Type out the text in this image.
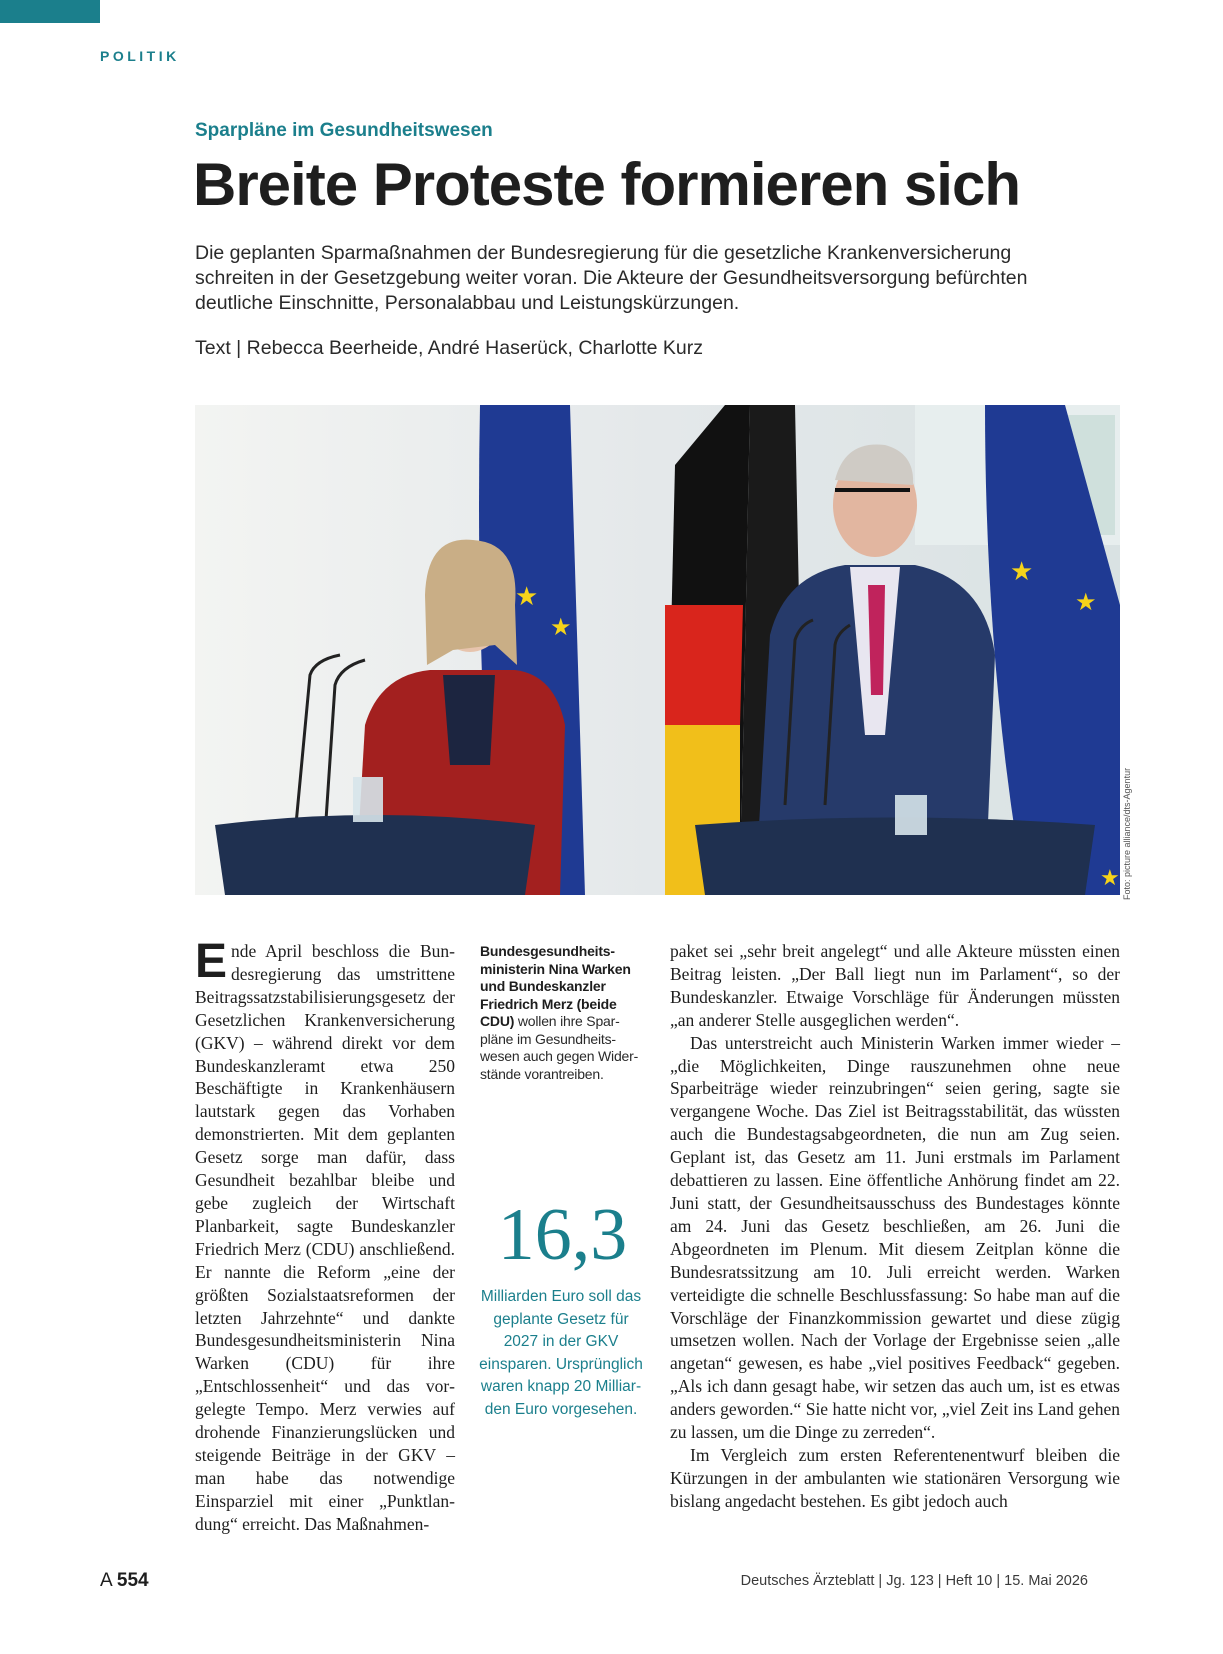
POLITIK
Sparpläne im Gesundheitswesen
Breite Proteste formieren sich

Die geplanten Sparmaßnahmen der Bundesregierung für die gesetzliche Krankenversicherung schreiten in der Gesetzgebung weiter voran. Die Akteure der Gesundheitsversorgung befürchten deutliche Einschnitte, Personalabbau und Leistungskürzungen.

Text | Rebecca Beerheide, André Haserück, Charlotte Kurz
★
★
★
★
★ Foto: picture alliance/dts-Agentur

Ende April beschloss die Bundesregierung das umstrittene Beitragssatzstabilisierungsgesetz der Gesetzlichen Krankenversicherung (GKV) – während direkt vor dem Bundeskanzleramt etwa 250 Beschäftigte in Krankenhäusern lautstark gegen das Vorhaben demonstrierten. Mit dem geplanten Gesetz sorge man dafür, dass Gesundheit bezahlbar bleibe und gebe zugleich der Wirtschaft Planbarkeit, sagte Bundeskanzler Friedrich Merz (CDU) anschließend. Er nannte die Reform „eine der größten Sozialstaatsreformen der letzten Jahrzehnte“ und dankte Bundesgesundheitsministerin Nina Warken (CDU) für ihre „Entschlossenheit“ und das vorgelegte Tempo. Merz verwies auf drohende Finanzierungslücken und steigende Beiträge in der GKV – man habe das notwendige Einsparziel mit einer „Punktlandung“ erreicht. Das Maßnahmen-

Bundesgesundheitsministerin Nina Warken und Bundeskanzler Friedrich Merz (beide CDU) wollen ihre Sparpläne im Gesundheitswesen auch gegen Widerstände vorantreiben.
16,3
Milliarden Euro soll das geplante Gesetz für 2027 in der GKV einsparen. Ursprünglich waren knapp 20 Milliarden Euro vorgesehen.

paket sei „sehr breit angelegt“ und alle Akteure müssten einen Beitrag leisten. „Der Ball liegt nun im Parlament“, so der Bundeskanzler. Etwaige Vorschläge für Änderungen müssten „an anderer Stelle ausgeglichen werden“.

Das unterstreicht auch Ministerin Warken immer wieder – „die Möglichkeiten, Dinge rauszunehmen ohne neue Sparbeiträge wieder reinzubringen“ seien gering, sagte sie vergangene Woche. Das Ziel ist Beitragsstabilität, das wüssten auch die Bundestagsabgeordneten, die nun am Zug seien. Geplant ist, das Gesetz am 11. Juni erstmals im Parlament debattieren zu lassen. Eine öffentliche Anhörung findet am 22. Juni statt, der Gesundheitsausschuss des Bundestages könnte am 24. Juni das Gesetz beschließen, am 26. Juni die Abgeordneten im Plenum. Mit diesem Zeitplan könne die Bundesratssitzung am 10. Juli erreicht werden. Warken verteidigte die schnelle Beschlussfassung: So habe man auf die Vorschläge der Finanzkommission gewartet und diese zügig umsetzen wollen. Nach der Vorlage der Ergebnisse seien „alle angetan“ gewesen, es habe „viel positives Feedback“ gegeben. „Als ich dann gesagt habe, wir setzen das auch um, ist es etwas anders geworden.“ Sie hatte nicht vor, „viel Zeit ins Land gehen zu lassen, um die Dinge zu zerreden“.

Im Vergleich zum ersten Referentenentwurf bleiben die Kürzungen in der ambulanten wie stationären Versorgung wie bislang angedacht bestehen. Es gibt jedoch auch

A 554	Deutsches Ärzteblatt | Jg. 123 | Heft 10 | 15. Mai 2026
